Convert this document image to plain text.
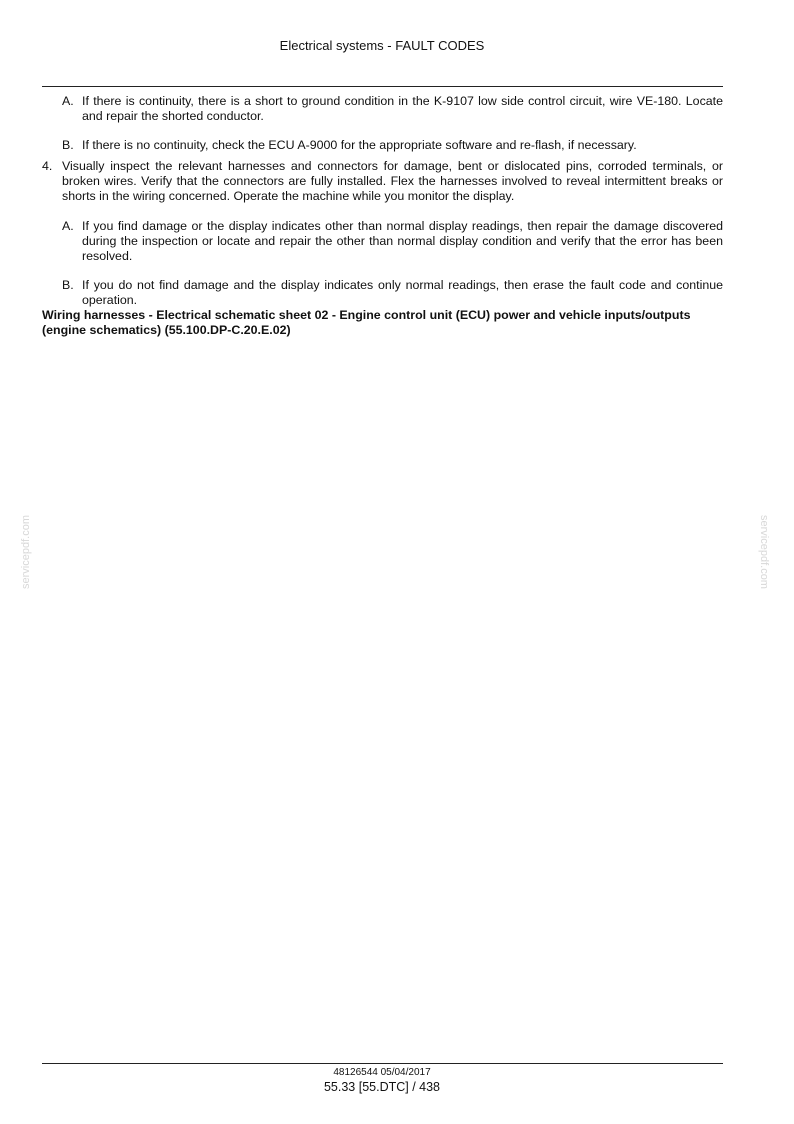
Electrical systems - FAULT CODES
servicepdf.com	servicepdf.com
A. If there is continuity, there is a short to ground condition in the K-9107 low side control circuit, wire VE-180. Locate and repair the shorted conductor.
B. If there is no continuity, check the ECU A-9000 for the appropriate software and re-flash, if necessary.
4. Visually inspect the relevant harnesses and connectors for damage, bent or dislocated pins, corroded terminals, or broken wires. Verify that the connectors are fully installed. Flex the harnesses involved to reveal intermittent breaks or shorts in the wiring concerned. Operate the machine while you monitor the display.
A. If you find damage or the display indicates other than normal display readings, then repair the damage discovered during the inspection or locate and repair the other than normal display condition and verify that the error has been resolved.
B. If you do not find damage and the display indicates only normal readings, then erase the fault code and continue operation.
Wiring harnesses - Electrical schematic sheet 02 - Engine control unit (ECU) power and vehicle inputs/outputs (engine schematics) (55.100.DP-C.20.E.02)
48126544 05/04/2017
55.33 [55.DTC] / 438
